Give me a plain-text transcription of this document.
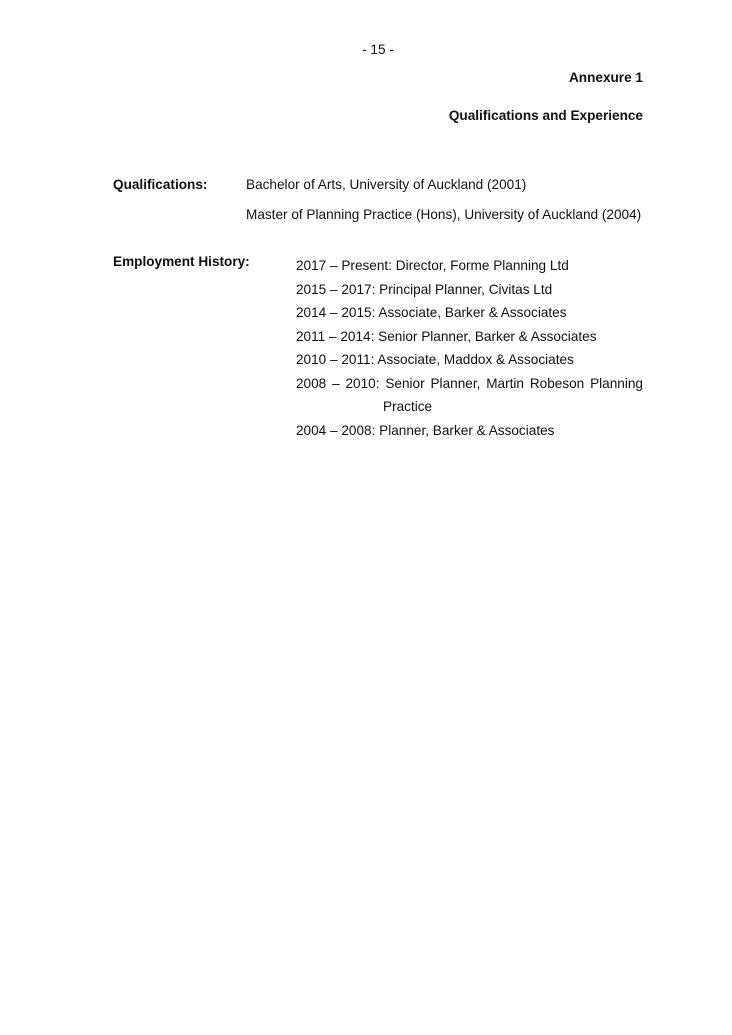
- 15 -
Annexure 1
Qualifications and Experience
Qualifications:	Bachelor of Arts, University of Auckland (2001)
Master of Planning Practice (Hons), University of Auckland (2004)
Employment History:	2017 – Present: Director, Forme Planning Ltd
2015 – 2017: Principal Planner, Civitas Ltd
2014 – 2015: Associate, Barker & Associates
2011 – 2014: Senior Planner, Barker & Associates
2010 – 2011: Associate, Maddox & Associates
2008 – 2010: Senior Planner, Martin Robeson Planning
Practice
2004 – 2008: Planner, Barker & Associates
